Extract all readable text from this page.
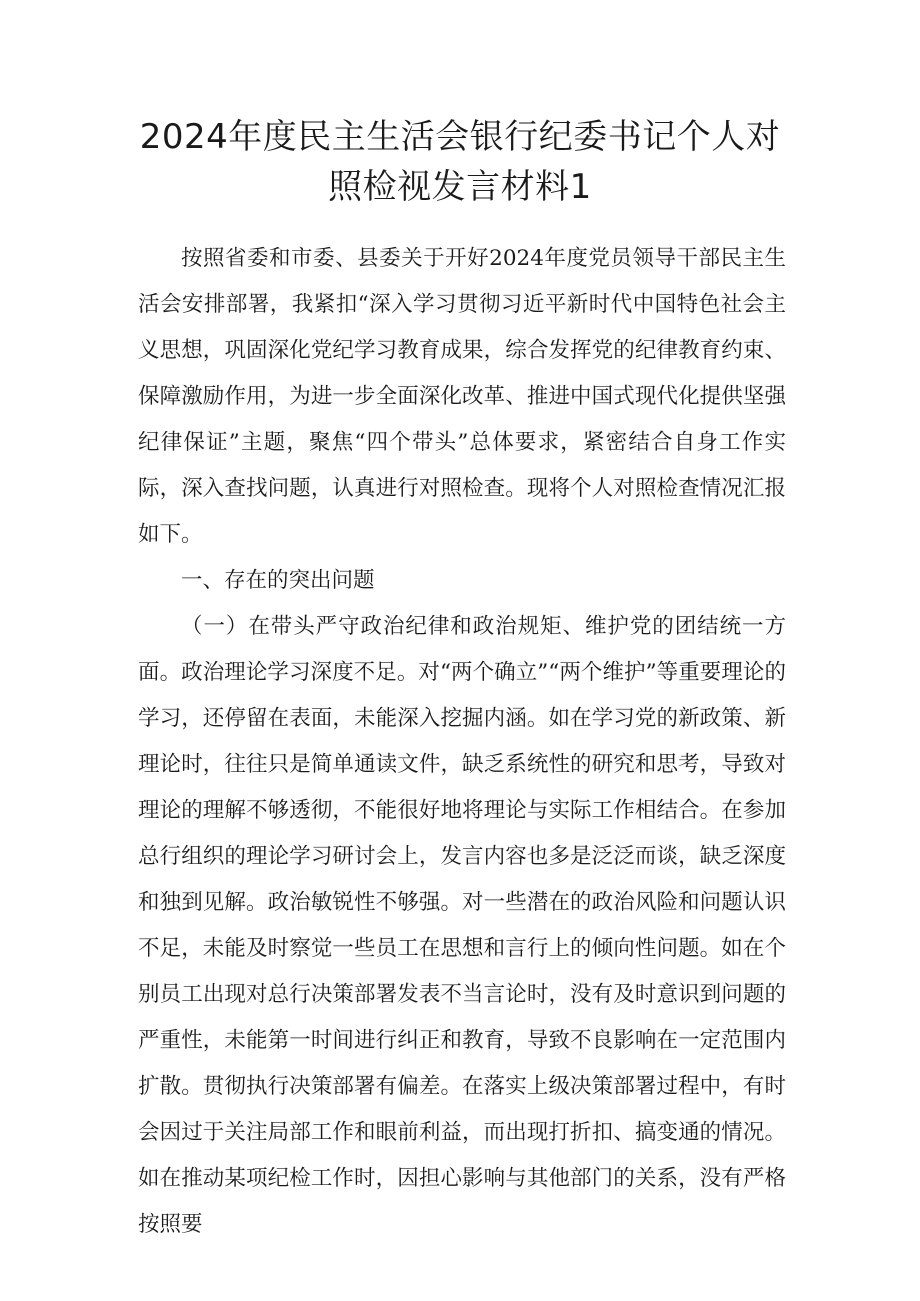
2024年度民主生活会银行纪委书记个人对
照检视发言材料1

按照省委和市委、县委关于开好2024年度党员领导干部民主生活会安排部署，我紧扣“深入学习贯彻习近平新时代中国特色社会主义思想，巩固深化党纪学习教育成果，综合发挥党的纪律教育约束、保障激励作用，为进一步全面深化改革、推进中国式现代化提供坚强纪律保证”主题，聚焦“四个带头”总体要求，紧密结合自身工作实际，深入查找问题，认真进行对照检查。现将个人对照检查情况汇报如下。

一、存在的突出问题

（一）在带头严守政治纪律和政治规矩、维护党的团结统一方面。政治理论学习深度不足。对“两个确立”“两个维护”等重要理论的学习，还停留在表面，未能深入挖掘内涵。如在学习党的新政策、新理论时，往往只是简单通读文件，缺乏系统性的研究和思考，导致对理论的理解不够透彻，不能很好地将理论与实际工作相结合。在参加总行组织的理论学习研讨会上，发言内容也多是泛泛而谈，缺乏深度和独到见解。政治敏锐性不够强。对一些潜在的政治风险和问题认识不足，未能及时察觉一些员工在思想和言行上的倾向性问题。如在个别员工出现对总行决策部署发表不当言论时，没有及时意识到问题的严重性，未能第一时间进行纠正和教育，导致不良影响在一定范围内扩散。贯彻执行决策部署有偏差。在落实上级决策部署过程中，有时会因过于关注局部工作和眼前利益，而出现打折扣、搞变通的情况。如在推动某项纪检工作时，因担心影响与其他部门的关系，没有严格按照要
